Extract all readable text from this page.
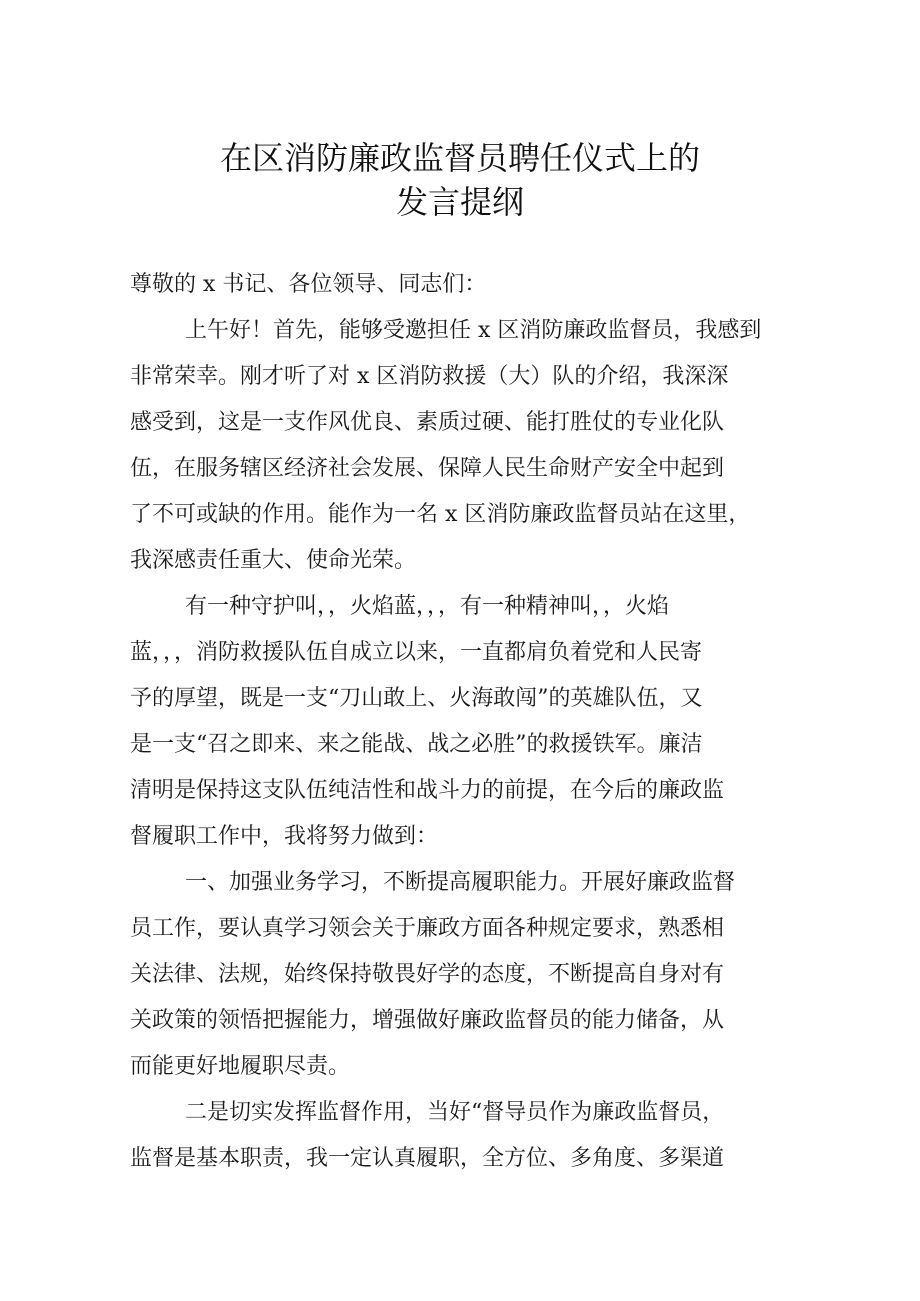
在区消防廉政监督员聘任仪式上的
发言提纲
尊敬的 x 书记、各位领导、同志们：
上午好！首先，能够受邀担任 x 区消防廉政监督员，我感到
非常荣幸。刚才听了对 x 区消防救援（大）队的介绍，我深深
感受到，这是一支作风优良、素质过硬、能打胜仗的专业化队
伍，在服务辖区经济社会发展、保障人民生命财产安全中起到
了不可或缺的作用。能作为一名 x 区消防廉政监督员站在这里，
我深感责任重大、使命光荣。
有一种守护叫，，火焰蓝，，，有一种精神叫，，火焰
蓝，，，消防救援队伍自成立以来，一直都肩负着党和人民寄
予的厚望，既是一支“刀山敢上、火海敢闯”的英雄队伍，又
是一支“召之即来、来之能战、战之必胜”的救援铁军。廉洁
清明是保持这支队伍纯洁性和战斗力的前提，在今后的廉政监
督履职工作中，我将努力做到：
一、加强业务学习，不断提高履职能力。开展好廉政监督
员工作，要认真学习领会关于廉政方面各种规定要求，熟悉相
关法律、法规，始终保持敬畏好学的态度，不断提高自身对有
关政策的领悟把握能力，增强做好廉政监督员的能力储备，从
而能更好地履职尽责。
二是切实发挥监督作用，当好“督导员作为廉政监督员，
监督是基本职责，我一定认真履职，全方位、多角度、多渠道
